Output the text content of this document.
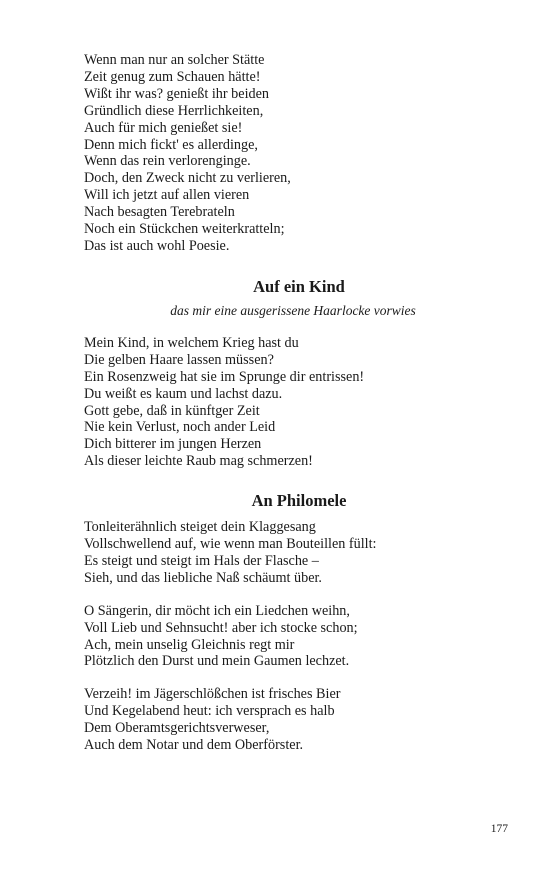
Wenn man nur an solcher Stätte
Zeit genug zum Schauen hätte!
Wißt ihr was? genießt ihr beiden
Gründlich diese Herrlichkeiten,
Auch für mich genießet sie!
Denn mich fickt' es allerdinge,
Wenn das rein verlorenginge.
Doch, den Zweck nicht zu verlieren,
Will ich jetzt auf allen vieren
Nach besagten Terebrateln
Noch ein Stückchen weiterkratteln;
Das ist auch wohl Poesie.
Auf ein Kind
das mir eine ausgerissene Haarlocke vorwies
Mein Kind, in welchem Krieg hast du
Die gelben Haare lassen müssen?
Ein Rosenzweig hat sie im Sprunge dir entrissen!
Du weißt es kaum und lachst dazu.
Gott gebe, daß in künftger Zeit
Nie kein Verlust, noch ander Leid
Dich bitterer im jungen Herzen
Als dieser leichte Raub mag schmerzen!
An Philomele
Tonleiterähnlich steiget dein Klaggesang
Vollschwellend auf, wie wenn man Bouteillen füllt:
Es steigt und steigt im Hals der Flasche –
Sieh, und das liebliche Naß schäumt über.
O Sängerin, dir möcht ich ein Liedchen weihn,
Voll Lieb und Sehnsucht! aber ich stocke schon;
Ach, mein unselig Gleichnis regt mir
Plötzlich den Durst und mein Gaumen lechzet.
Verzeih! im Jägerschlößchen ist frisches Bier
Und Kegelabend heut: ich versprach es halb
Dem Oberamtsgerichtsverweser,
Auch dem Notar und dem Oberförster.
177
